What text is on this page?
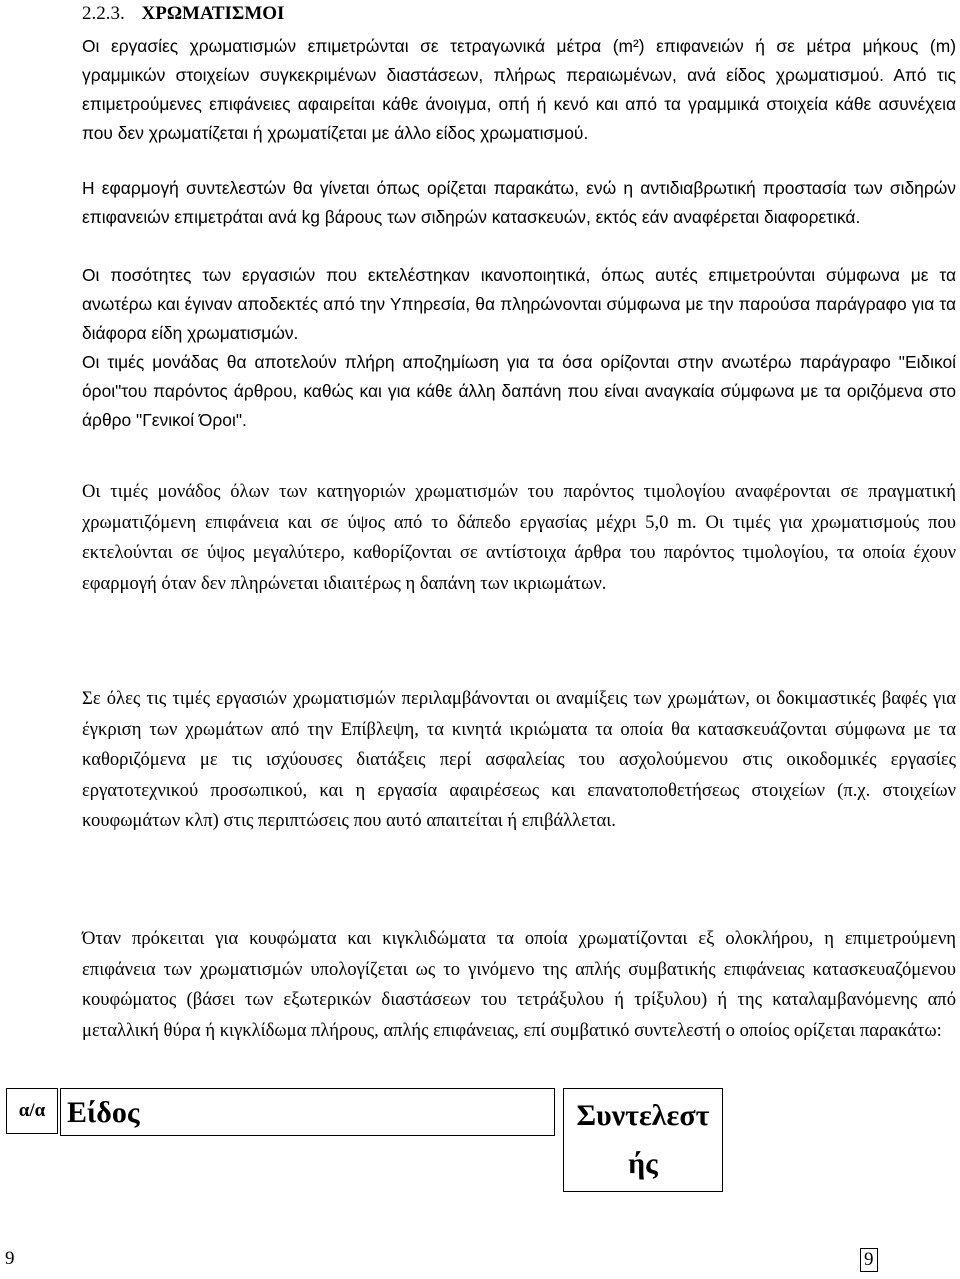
2.2.3. ΧΡΩΜΑΤΙΣΜΟΙ

Οι εργασίες χρωματισμών επιμετρώνται σε τετραγωνικά μέτρα (m²) επιφανειών ή σε μέτρα μήκους (m) γραμμικών στοιχείων συγκεκριμένων διαστάσεων, πλήρως περαιωμένων, ανά είδος χρωματισμού. Από τις επιμετρούμενες επιφάνειες αφαιρείται κάθε άνοιγμα, οπή ή κενό και από τα γραμμικά στοιχεία κάθε ασυνέχεια που δεν χρωματίζεται ή χρωματίζεται με άλλο είδος χρωματισμού.

Η εφαρμογή συντελεστών θα γίνεται όπως ορίζεται παρακάτω, ενώ η αντιδιαβρωτική προστασία των σιδηρών επιφανειών επιμετράται ανά kg βάρους των σιδηρών κατασκευών, εκτός εάν αναφέρεται διαφορετικά.

Οι ποσότητες των εργασιών που εκτελέστηκαν ικανοποιητικά, όπως αυτές επιμετρούνται σύμφωνα με τα ανωτέρω και έγιναν αποδεκτές από την Υπηρεσία, θα πληρώνονται σύμφωνα με την παρούσα παράγραφο για τα διάφορα είδη χρωματισμών.

Οι τιμές μονάδας θα αποτελούν πλήρη αποζημίωση για τα όσα ορίζονται στην ανωτέρω παράγραφο "Ειδικοί όροι"του παρόντος άρθρου, καθώς και για κάθε άλλη δαπάνη που είναι αναγκαία σύμφωνα με τα οριζόμενα στο άρθρο "Γενικοί Όροι".

Οι τιμές μονάδος όλων των κατηγοριών χρωματισμών του παρόντος τιμολογίου αναφέρονται σε πραγματική χρωματιζόμενη επιφάνεια και σε ύψος από το δάπεδο εργασίας μέχρι 5,0 m. Οι τιμές για χρωματισμούς που εκτελούνται σε ύψος μεγαλύτερο, καθορίζονται σε αντίστοιχα άρθρα του παρόντος τιμολογίου, τα οποία έχουν εφαρμογή όταν δεν πληρώνεται ιδιαιτέρως η δαπάνη των ικριωμάτων.

Σε όλες τις τιμές εργασιών χρωματισμών περιλαμβάνονται οι αναμίξεις των χρωμάτων, οι δοκιμαστικές βαφές για έγκριση των χρωμάτων από την Επίβλεψη, τα κινητά ικριώματα τα οποία θα κατασκευάζονται σύμφωνα με τα καθοριζόμενα με τις ισχύουσες διατάξεις περί ασφαλείας του ασχολούμενου στις οικοδομικές εργασίες εργατοτεχνικού προσωπικού, και η εργασία αφαιρέσεως και επανατοποθετήσεως στοιχείων (π.χ. στοιχείων κουφωμάτων κλπ) στις περιπτώσεις που αυτό απαιτείται ή επιβάλλεται.

Όταν πρόκειται για κουφώματα και κιγκλιδώματα τα οποία χρωματίζονται εξ ολοκλήρου, η επιμετρούμενη επιφάνεια των χρωματισμών υπολογίζεται ως το γινόμενο της απλής συμβατικής επιφάνειας κατασκευαζόμενου κουφώματος (βάσει των εξωτερικών διαστάσεων του τετράξυλου ή τρίξυλου) ή της καταλαμβανόμενης από μεταλλική θύρα ή κιγκλίδωμα πλήρους, απλής επιφάνειας, επί συμβατικό συντελεστή ο οποίος ορίζεται παρακάτω:

α/α Είδος	Συντελεστ
ής
9	9
